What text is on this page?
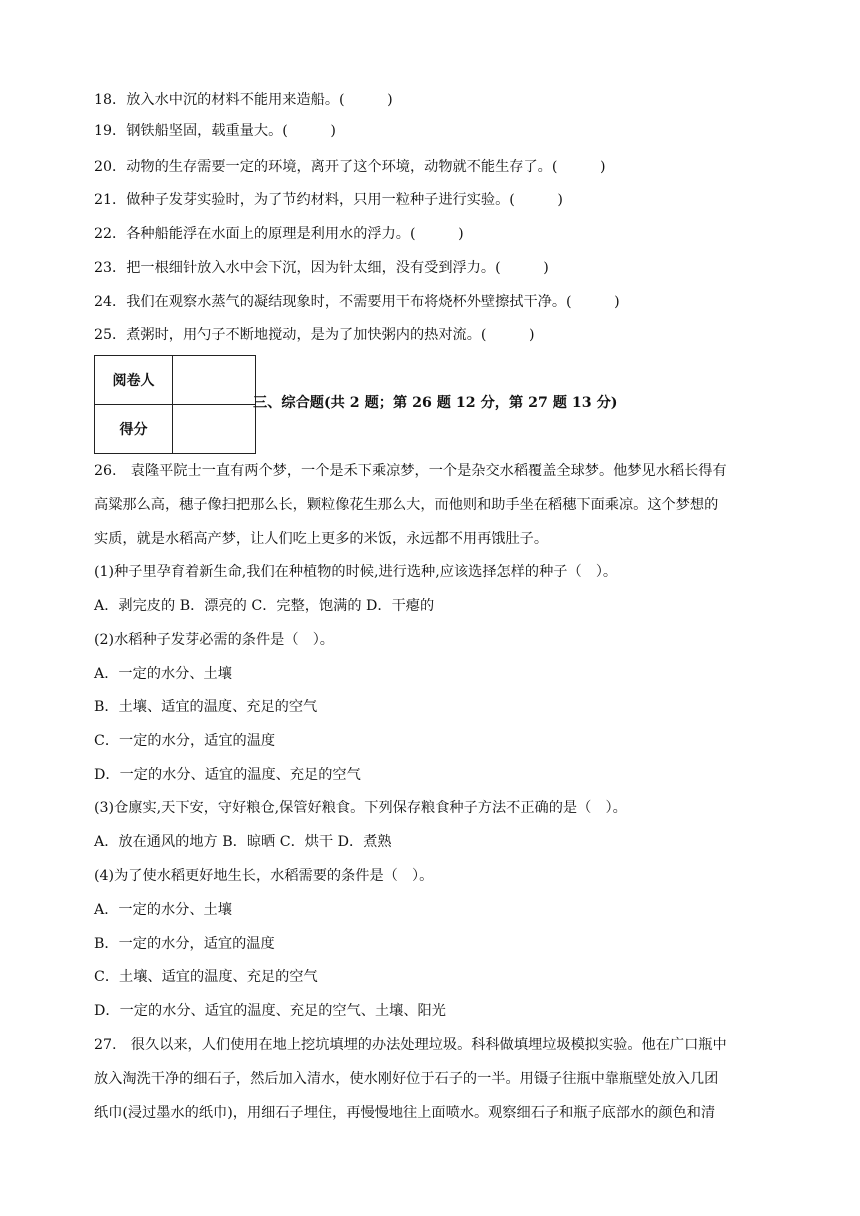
18．放入水中沉的材料不能用来造船。(　　　)
19．钢铁船坚固，载重量大。(　　　)
20．动物的生存需要一定的环境，离开了这个环境，动物就不能生存了。(　　　)
21．做种子发芽实验时，为了节约材料，只用一粒种子进行实验。(　　　)
22．各种船能浮在水面上的原理是利用水的浮力。(　　　)
23．把一根细针放入水中会下沉，因为针太细，没有受到浮力。(　　　)
24．我们在观察水蒸气的凝结现象时，不需要用干布将烧杯外壁擦拭干净。(　　　)
25．煮粥时，用勺子不断地搅动，是为了加快粥内的热对流。(　　　)
阅卷人	
得分	
三、综合题(共 2 题；第 26 题 12 分，第 27 题 13 分)
26.　袁隆平院士一直有两个梦，一个是禾下乘凉梦，一个是杂交水稻覆盖全球梦。他梦见水稻长得有
高粱那么高，穗子像扫把那么长，颗粒像花生那么大，而他则和助手坐在稻穗下面乘凉。这个梦想的
实质，就是水稻高产梦，让人们吃上更多的米饭，永远都不用再饿肚子。
(1)种子里孕育着新生命,我们在种植物的时候,进行选种,应该选择怎样的种子（　）。
A．剥完皮的 B．漂亮的 C．完整，饱满的 D．干瘪的
(2)水稻种子发芽必需的条件是（　）。
A．一定的水分、土壤
B．土壤、适宜的温度、充足的空气
C．一定的水分，适宜的温度
D．一定的水分、适宜的温度、充足的空气
(3)仓廪实,天下安，守好粮仓,保管好粮食。下列保存粮食种子方法不正确的是（　）。
A．放在通风的地方 B．晾晒 C．烘干 D．煮熟
(4)为了使水稻更好地生长，水稻需要的条件是（　）。
A．一定的水分、土壤
B．一定的水分，适宜的温度
C．土壤、适宜的温度、充足的空气
D．一定的水分、适宜的温度、充足的空气、土壤、阳光
27.　很久以来，人们使用在地上挖坑填埋的办法处理垃圾。科科做填埋垃圾模拟实验。他在广口瓶中
放入淘洗干净的细石子，然后加入清水，使水刚好位于石子的一半。用镊子往瓶中靠瓶壁处放入几团
纸巾(浸过墨水的纸巾)，用细石子埋住，再慢慢地往上面喷水。观察细石子和瓶子底部水的颜色和清
